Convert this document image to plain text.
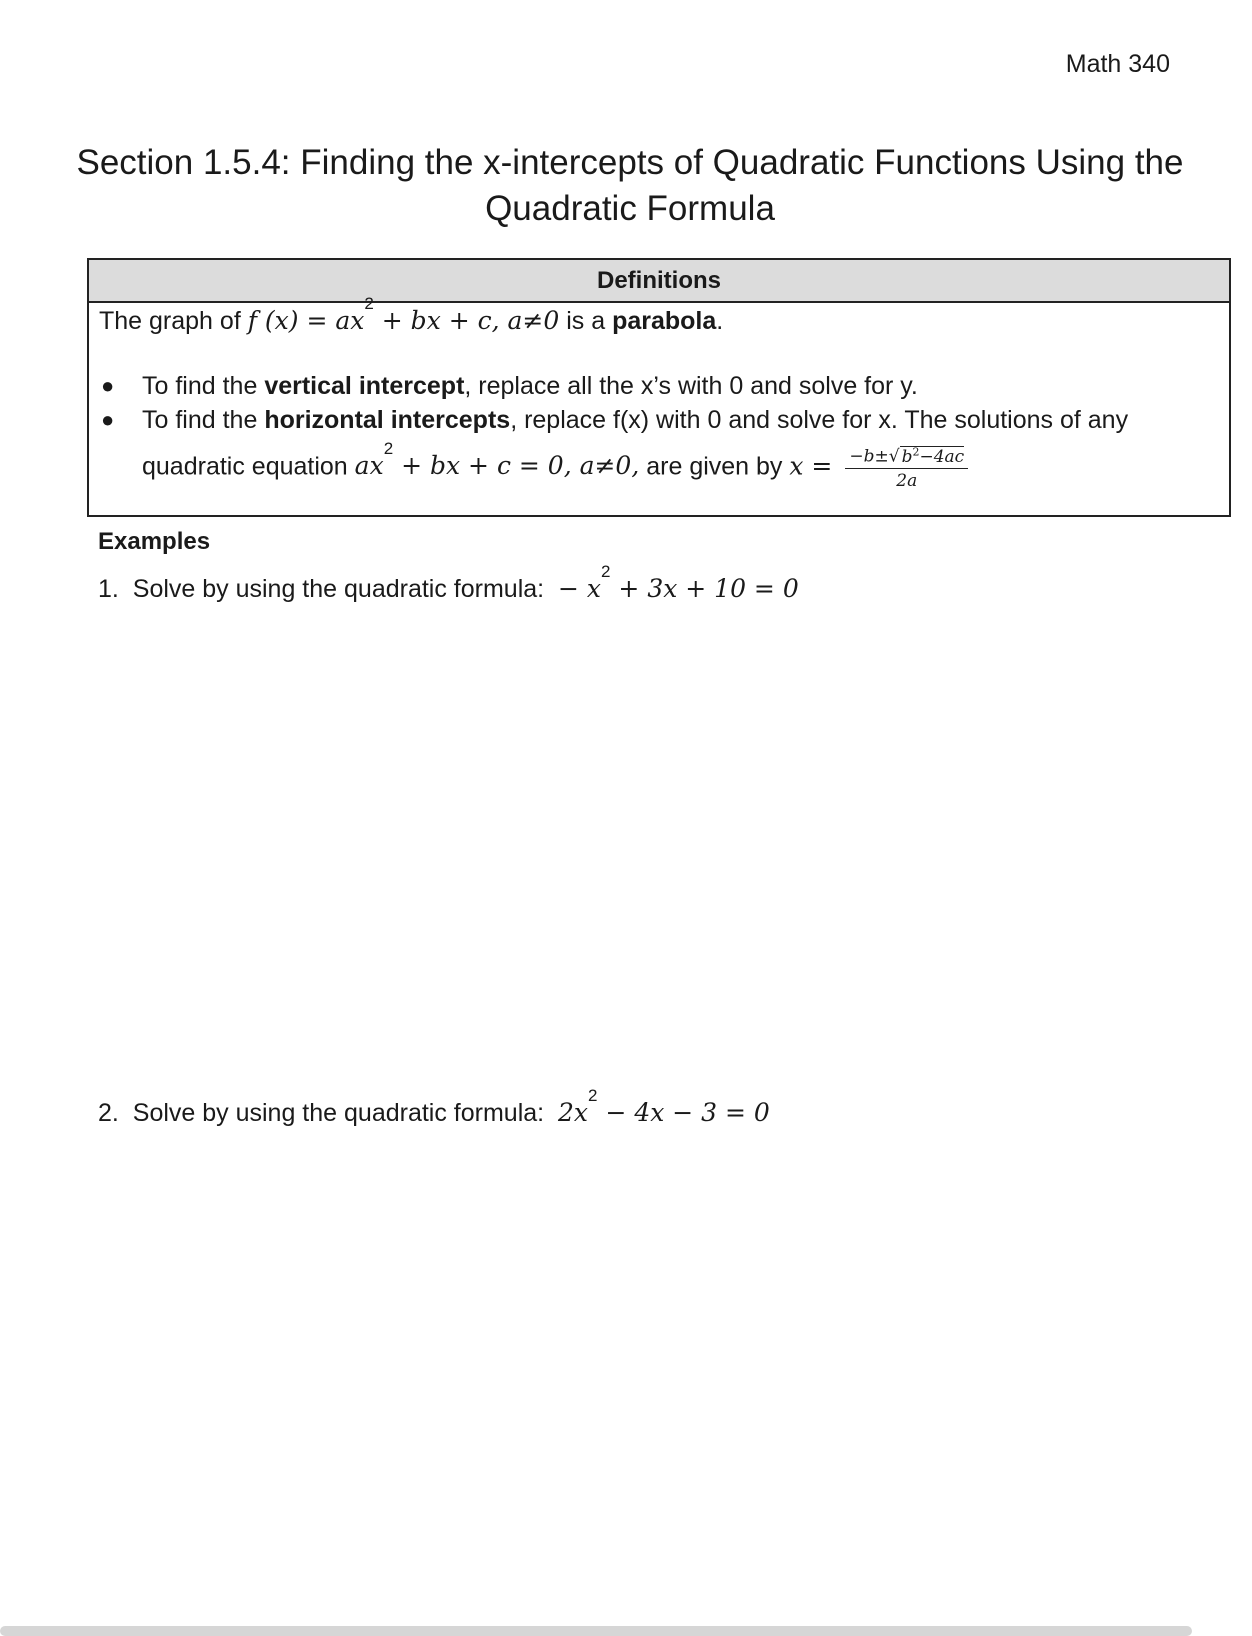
Math 340
Section 1.5.4: Finding the x-intercepts of Quadratic Functions Using the
Quadratic Formula
Definitions
The graph of f $(x) = ax^2$ + bx + c, a≠0 is a parabola.
● To find the vertical intercept, replace all the x’s with 0 and solve for y.
● To find the horizontal intercepts, replace f(x) with 0 and solve for x. The solutions of any
quadratic equation $ax^2$ + bx + c = 0, a≠0, are given by $x = \frac{-b\pm√ b^2-4ac}{2a}$
Examples
1. Solve by using the quadratic formula: − $x^2 + 3x + 10 = 0$
2. Solve by using the quadratic formula: $2x^2 - 4x - 3 = 0$
